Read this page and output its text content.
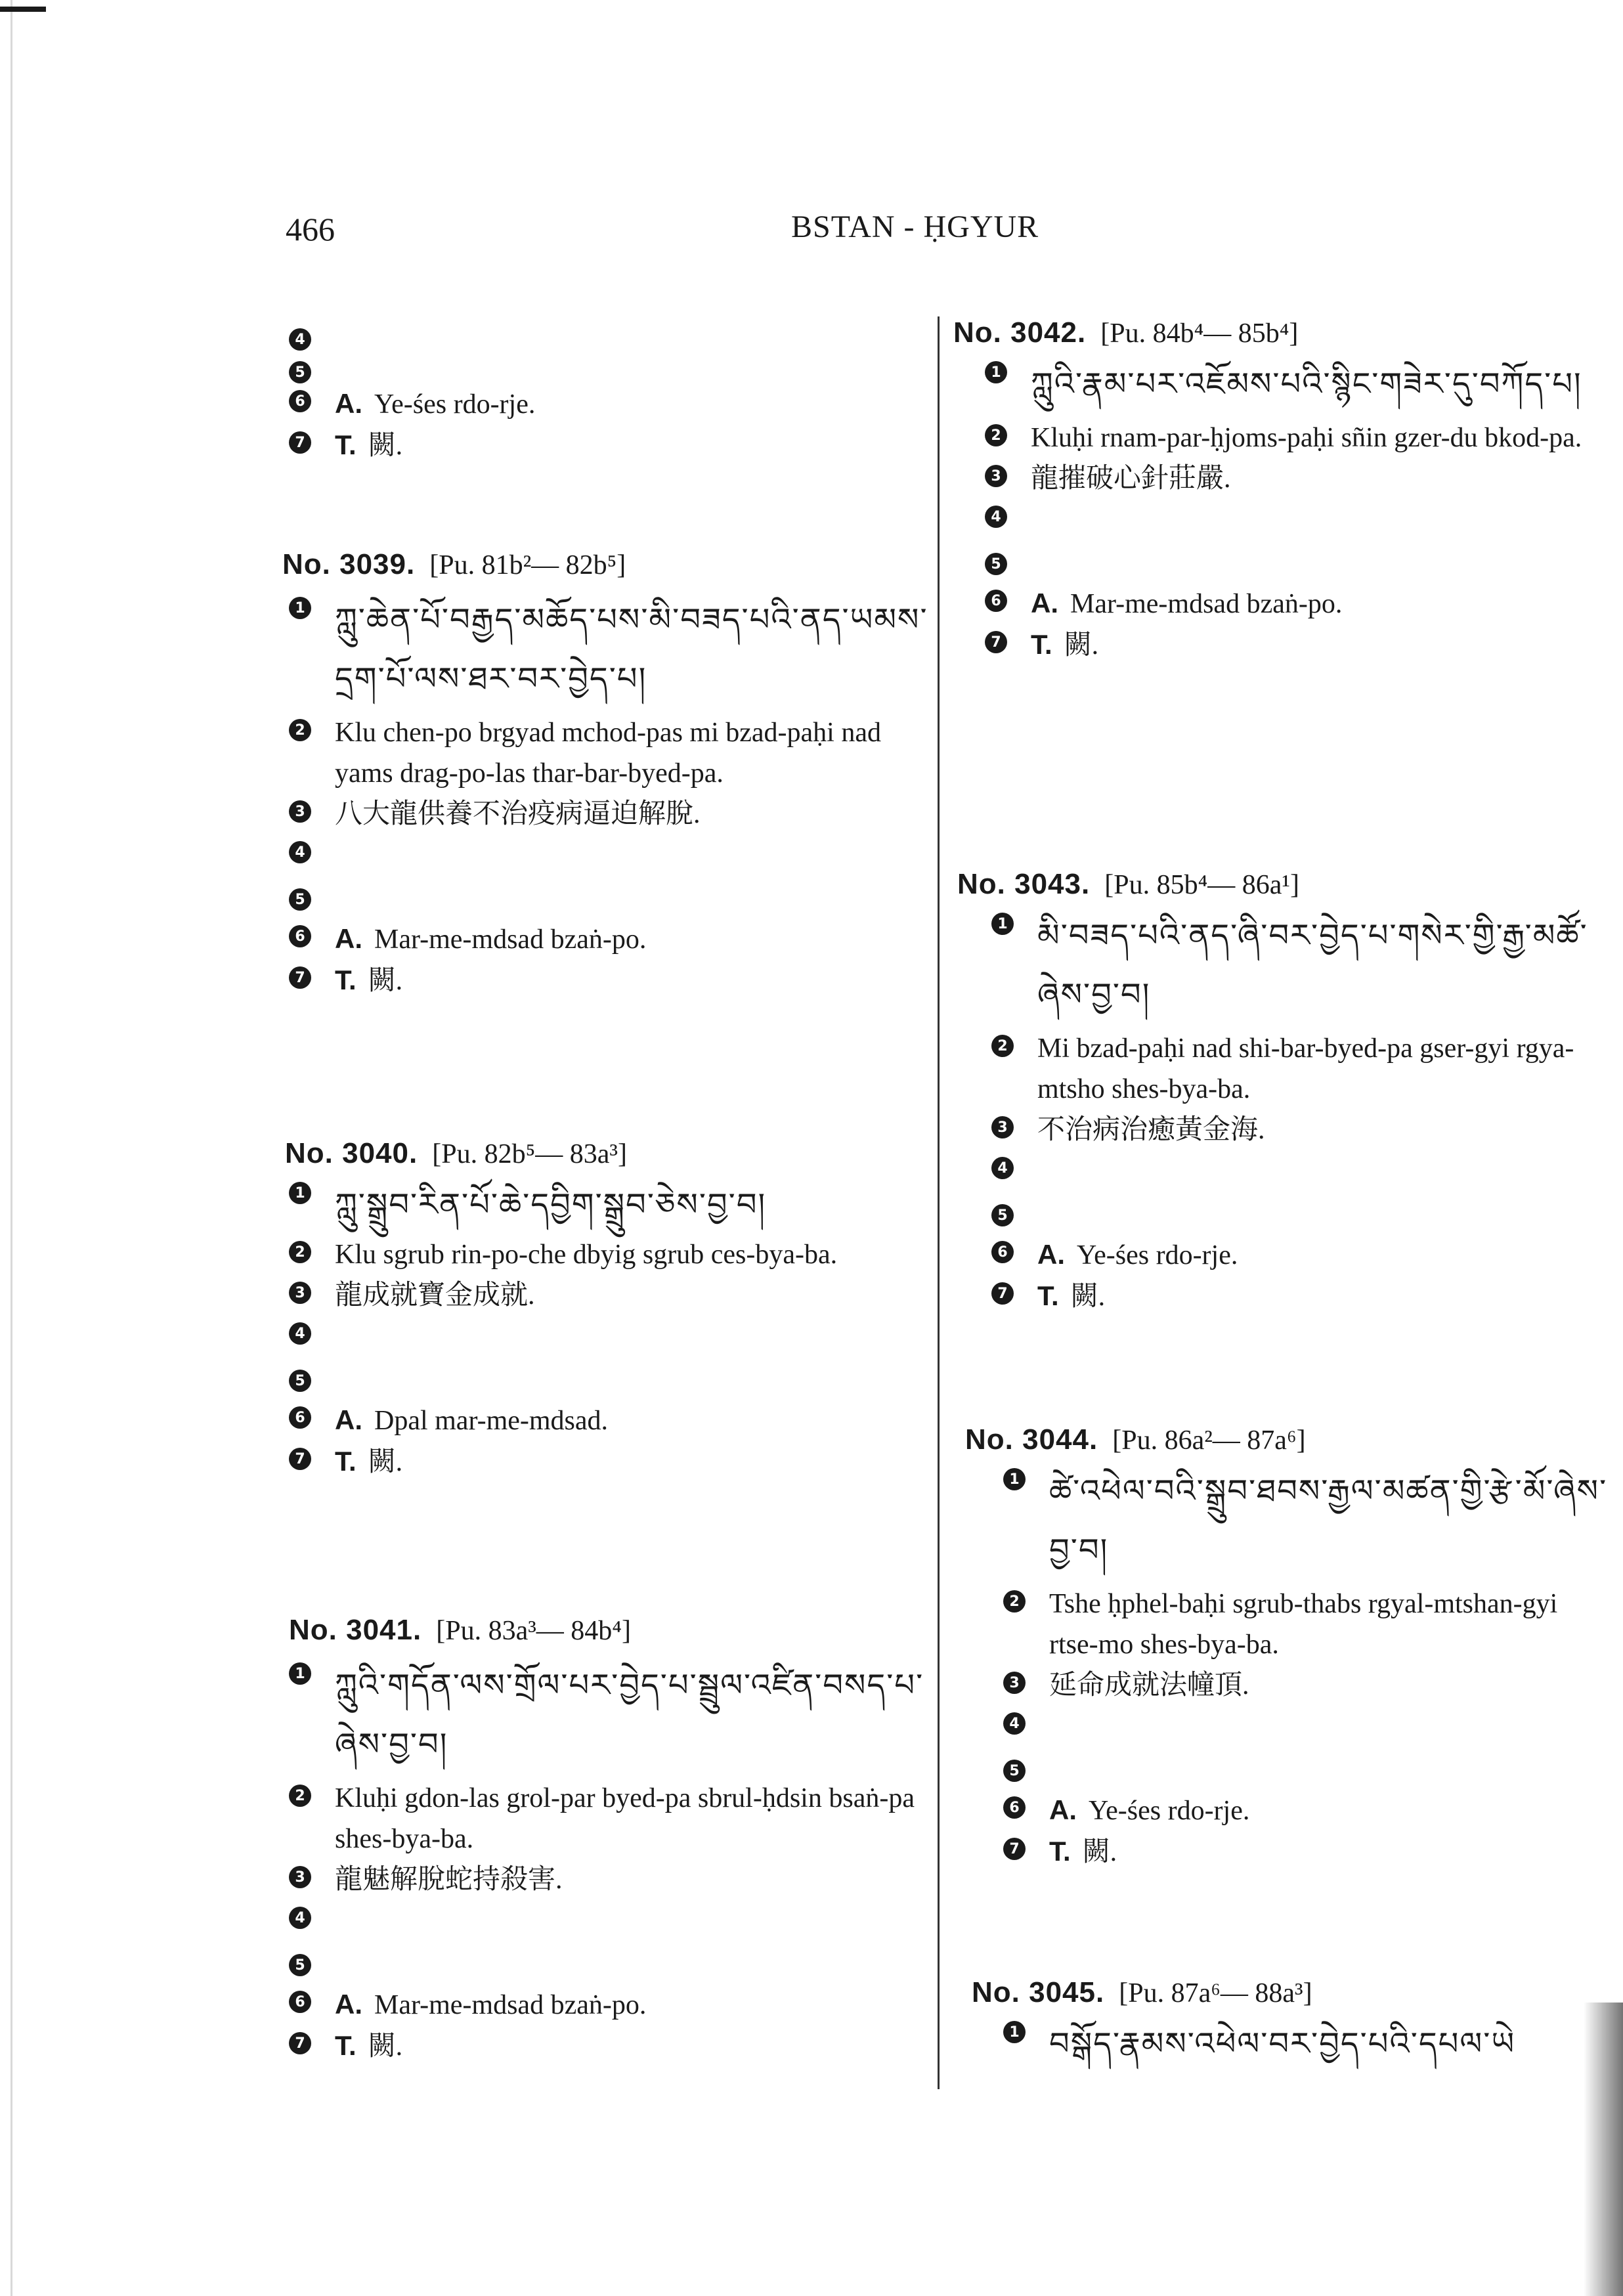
466	BSTAN - ḤGYUR
4
5
6 A. Ye-śes rdo-rje.
7 T. 闕.
No. 3039. [Pu. 81b²— 82b⁵]
1 ཀླུ་ཆེན་པོ་བརྒྱད་མཆོད་པས་མི་བཟད་པའི་ནད་ཡམས་དྲག་པོ་ལས་ཐར་བར་བྱེད་པ།
2 Klu chen-po brgyad mchod-pas mi bzad-paḥi nad yams drag-po-las thar-bar-byed-pa.
3 八大龍供養不治疫病逼迫解脫.
4
5
6 A. Mar-me-mdsad bzaṅ-po.
7 T. 闕.
No. 3040. [Pu. 82b⁵— 83a³]
1 ཀླུ་སྒྲུབ་རིན་པོ་ཆེ་དབྱིག་སྒྲུབ་ཅེས་བྱ་བ།
2 Klu sgrub rin-po-che dbyig sgrub ces-bya-ba.
3 龍成就寶金成就.
4
5
6 A. Dpal mar-me-mdsad.
7 T. 闕.
No. 3041. [Pu. 83a³— 84b⁴]
1 ཀླུའི་གདོན་ལས་གྲོལ་པར་བྱེད་པ་སྦྲུལ་འཛིན་བསད་པ་ཞེས་བྱ་བ།
2 Kluḥi gdon-las grol-par byed-pa sbrul-ḥdsin bsaṅ-pa shes-bya-ba.
3 龍魅解脫蛇持殺害.
4
5
6 A. Mar-me-mdsad bzaṅ-po.
7 T. 闕.
No. 3042. [Pu. 84b⁴— 85b⁴]
1 ཀླུའི་རྣམ་པར་འཇོམས་པའི་སྙིང་གཟེར་དུ་བཀོད་པ།
2 Kluḥi rnam-par-ḥjoms-paḥi sñin gzer-du bkod-pa.
3 龍摧破心針莊嚴.
4
5
6 A. Mar-me-mdsad bzaṅ-po.
7 T. 闕.
No. 3043. [Pu. 85b⁴— 86a¹]
1 མི་བཟད་པའི་ནད་ཞི་བར་བྱེད་པ་གསེར་གྱི་རྒྱ་མཚོ་ཞེས་བྱ་བ།
2 Mi bzad-paḥi nad shi-bar-byed-pa gser-gyi rgya-mtsho shes-bya-ba.
3 不治病治癒黃金海.
4
5
6 A. Ye-śes rdo-rje.
7 T. 闕.
No. 3044. [Pu. 86a²— 87a⁶]
1 ཚེ་འཕེལ་བའི་སྒྲུབ་ཐབས་རྒྱལ་མཚན་གྱི་རྩེ་མོ་ཞེས་བྱ་བ།
2 Tshe ḥphel-baḥi sgrub-thabs rgyal-mtshan-gyi rtse-mo shes-bya-ba.
3 延命成就法幢頂.
4
5
6 A. Ye-śes rdo-rje.
7 T. 闕.
No. 3045. [Pu. 87a⁶— 88a³]
1 བསྒོད་རྣམས་འཕེལ་བར་བྱེད་པའི་དཔལ་ཡེ
